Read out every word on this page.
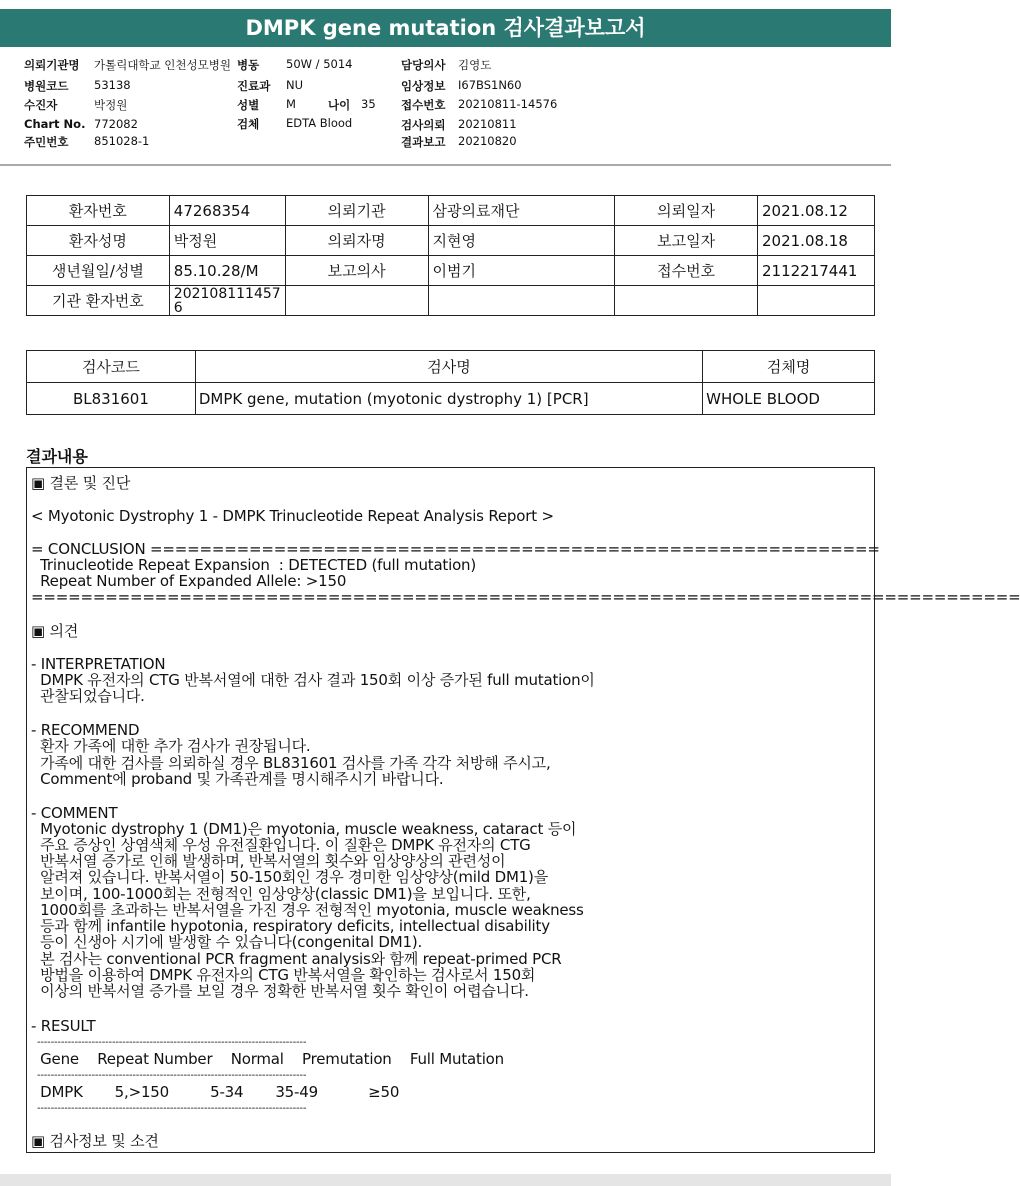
DMPK gene mutation 검사결과보고서
의뢰기관명 가톨릭대학교 인천성모병원
병원코드 53138
수진자	박정원
Chart No. 772082
주민번호 851028-1
병동 50W / 5014
진료과 NU
성별 M	나이 35
검체 EDTA Blood
담당의사 김영도
임상정보 I67BS1N60
접수번호 20210811-14576
검사의뢰 20210811
결과보고 20210820
환자번호	47268354	의뢰기관	삼광의료재단	의뢰일자	2021.08.12
환자성명	박정원	의뢰자명	지현영	보고일자	2021.08.18
생년월일/성별	85.10.28/M	보고의사	이범기	접수번호	2112217441
기관 환자번호	2021081114576				
검사코드	검사명	검체명
BL831601	DMPK gene, mutation (myotonic dystrophy 1) [PCR]	WHOLE BLOOD
결과내용
▣ 결론 및 진단
< Myotonic Dystrophy 1 - DMPK Trinucleotide Repeat Analysis Report >
= CONCLUSION ===========================================================
Trinucleotide Repeat Expansion  : DETECTED (full mutation)
Repeat Number of Expanded Allele: >150
================================================================================
▣ 의견
- INTERPRETATION
DMPK 유전자의 CTG 반복서열에 대한 검사 결과 150회 이상 증가된 full mutation이
관찰되었습니다.
- RECOMMEND
환자 가족에 대한 추가 검사가 권장됩니다.
가족에 대한 검사를 의뢰하실 경우 BL831601 검사를 가족 각각 처방해 주시고,
Comment에 proband 및 가족관계를 명시해주시기 바랍니다.
- COMMENT
Myotonic dystrophy 1 (DM1)은 myotonia, muscle weakness, cataract 등이
주요 증상인 상염색체 우성 유전질환입니다. 이 질환은 DMPK 유전자의 CTG
반복서열 증가로 인해 발생하며, 반복서열의 횟수와 임상양상의 관련성이
알려져 있습니다. 반복서열이 50-150회인 경우 경미한 임상양상(mild DM1)을
보이며, 100-1000회는 전형적인 임상양상(classic DM1)을 보입니다. 또한,
1000회를 초과하는 반복서열을 가진 경우 전형적인 myotonia, muscle weakness
등과 함께 infantile hypotonia, respiratory deficits, intellectual disability
등이 신생아 시기에 발생할 수 있습니다(congenital DM1).
본 검사는 conventional PCR fragment analysis와 함께 repeat-primed PCR
방법을 이용하여 DMPK 유전자의 CTG 반복서열을 확인하는 검사로서 150회
이상의 반복서열 증가를 보일 경우 정확한 반복서열 횟수 확인이 어렵습니다.
- RESULT
-------------------------------------------------------------------------------
Gene    Repeat Number    Normal    Premutation    Full Mutation
-------------------------------------------------------------------------------
DMPK       5,>150         5-34       35-49           ≥50
-------------------------------------------------------------------------------
▣ 검사정보 및 소견
